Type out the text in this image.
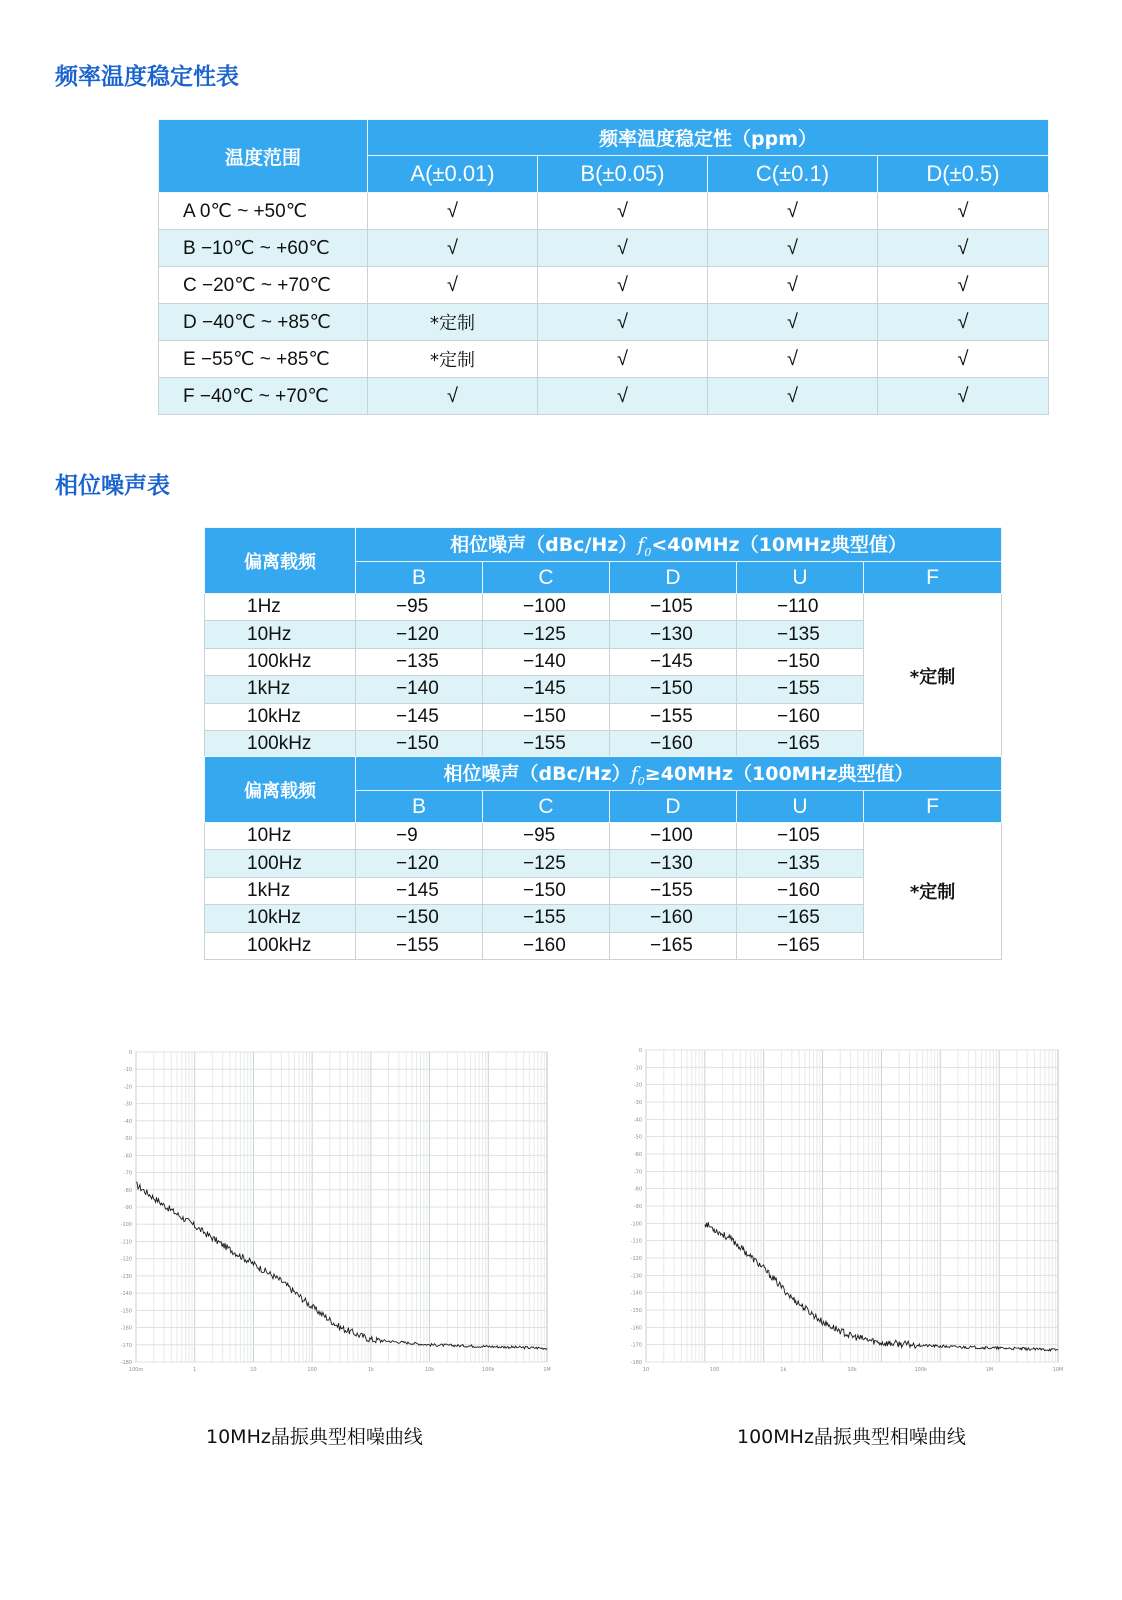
频率温度稳定性表
温度范围	频率温度稳定性（ppm）			
	A(±0.01)	B(±0.05)	C(±0.1)	D(±0.5)
A 0℃ ~ +50℃	√	√	√	√
B −10℃ ~ +60℃	√	√	√	√
C −20℃ ~ +70℃	√	√	√	√
D −40℃ ~ +85℃	*定制	√	√	√
E −55℃ ~ +85℃	*定制	√	√	√
F −40℃ ~ +70℃	√	√	√	√
相位噪声表
偏离载频	相位噪声$(dBc/Hz)f_0<40MHz(10MHz$典型值）				
	B	C	D	U	F
1Hz	−95	−100	−105	−110	*定制
10Hz	−120	−125	−130	−135	
100kHz	−135	−140	−145	−150	
1kHz	−140	−145	−150	−155	
10kHz	−145	−150	−155	−160	
100kHz	−150	−155	−160	−165	
偏离载频	相位噪声$(dBc/Hz)f_0\ge 40MHz(100MHz$典型值）				
	B	C	D	U	F
10Hz	−9	−95	−100	−105	*定制
100Hz	−120	−125	−130	−135	
1kHz	−145	−150	−155	−160	
10kHz	−150	−155	−160	−165	
100kHz	−155	−160	−165	−165	
0
-10
-20
-30
-40
-50
-60
-70
-80
-90
-100
-110
-120
-130
-140
-150
-160
-170
-180
100m	1	10	100	1k	10k	100k	1M
0
-10
-20
-30
-40
-50
-60
-70
-80
-90
-100
-110
-120
-130
-140
-150
-160
-170
-180
10	100	1k	10k	100k	1M	10M

10MHz晶振典型相噪曲线	100MHz晶振典型相噪曲线
